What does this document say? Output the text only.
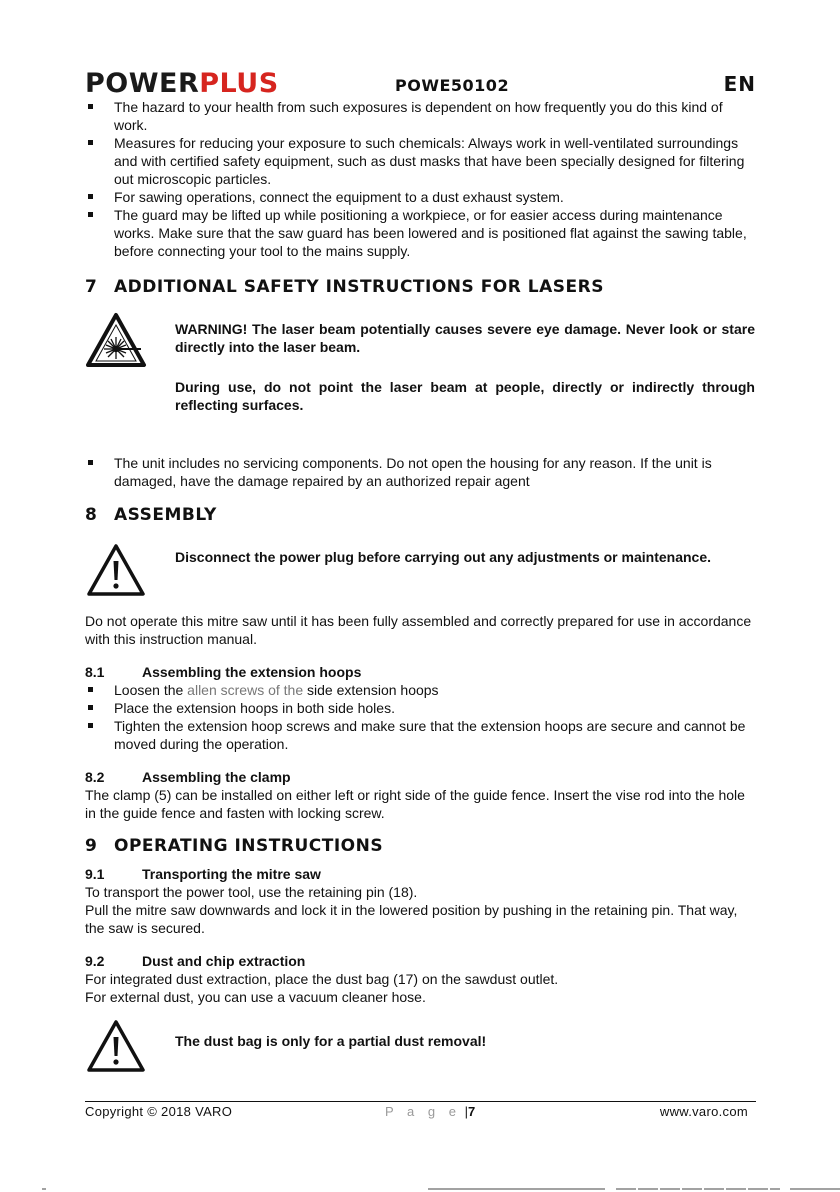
POWERPLUS	POWE50102	EN
The hazard to your health from such exposures is dependent on how frequently you do this kind of work.
Measures for reducing your exposure to such chemicals: Always work in well-ventilated surroundings and with certified safety equipment, such as dust masks that have been specially designed for filtering out microscopic particles.
For sawing operations, connect the equipment to a dust exhaust system.
The guard may be lifted up while positioning a workpiece, or for easier access during maintenance works. Make sure that the saw guard has been lowered and is positioned flat against the sawing table, before connecting your tool to the mains supply.
7 ADDITIONAL SAFETY INSTRUCTIONS FOR LASERS
WARNING! The laser beam potentially causes severe eye damage. Never look or stare directly into the laser beam.
During use, do not point the laser beam at people, directly or indirectly through reflecting surfaces.
The unit includes no servicing components. Do not open the housing for any reason. If the unit is damaged, have the damage repaired by an authorized repair agent
8 ASSEMBLY
Disconnect the power plug before carrying out any adjustments or maintenance.
Do not operate this mitre saw until it has been fully assembled and correctly prepared for use in accordance with this instruction manual.
8.1	Assembling the extension hoops
Loosen the allen screws of the side extension hoops
Place the extension hoops in both side holes.
Tighten the extension hoop screws and make sure that the extension hoops are secure and cannot be moved during the operation.
8.2	Assembling the clamp
The clamp (5) can be installed on either left or right side of the guide fence. Insert the vise rod into the hole in the guide fence and fasten with locking screw.
9 OPERATING INSTRUCTIONS
9.1	Transporting the mitre saw
To transport the power tool, use the retaining pin (18).
Pull the mitre saw downwards and lock it in the lowered position by pushing in the retaining pin. That way, the saw is secured.
9.2	Dust and chip extraction
For integrated dust extraction, place the dust bag (17) on the sawdust outlet.
For external dust, you can use a vacuum cleaner hose.
The dust bag is only for a partial dust removal!
Copyright © 2018 VARO	P a g e |7	www.varo.com
